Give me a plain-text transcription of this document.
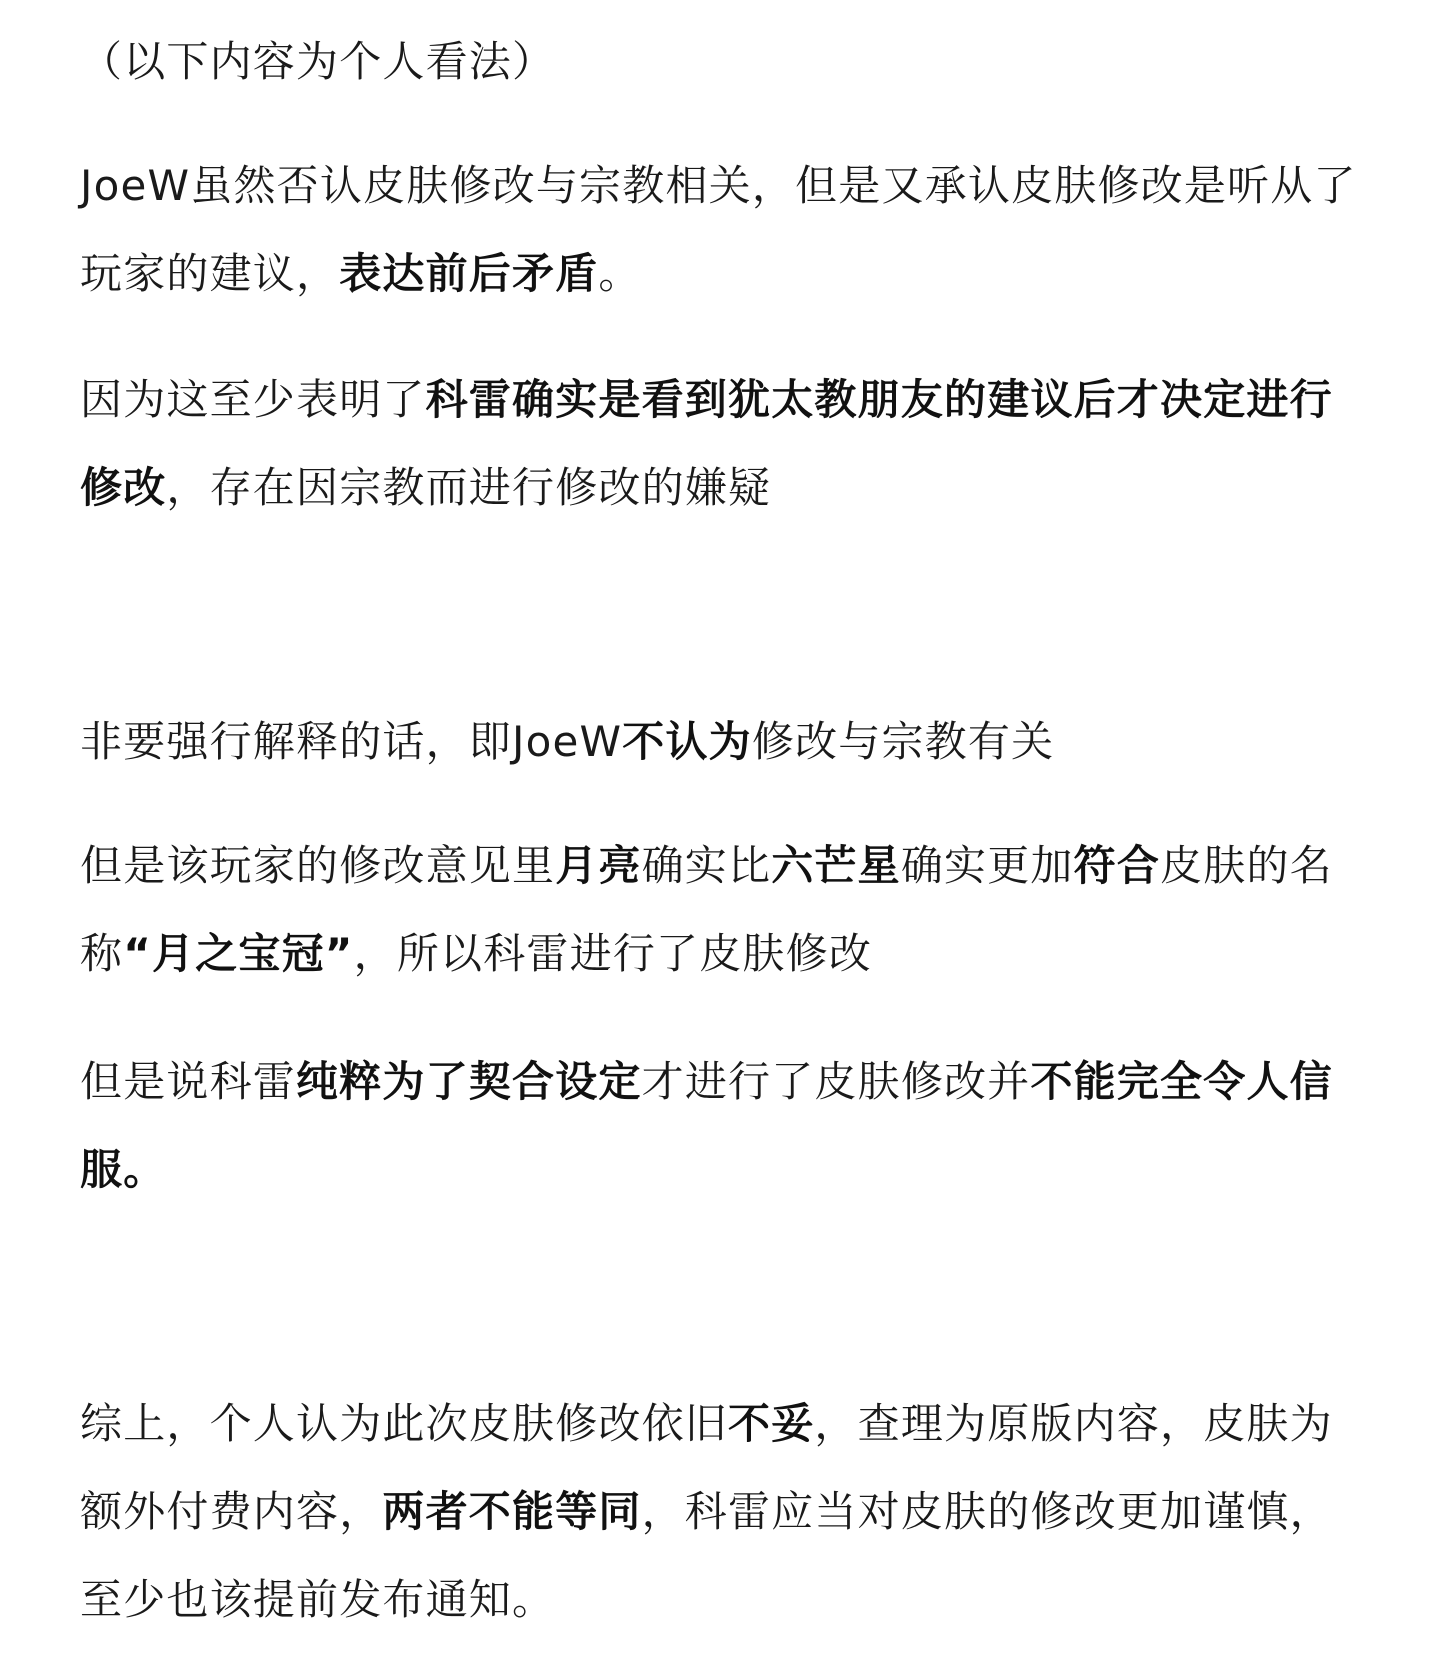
（以下内容为个人看法）

JoeW虽然否认皮肤修改与宗教相关，但是又承认皮肤修改是听从了玩家的建议，表达前后矛盾。

因为这至少表明了科雷确实是看到犹太教朋友的建议后才决定进行修改，存在因宗教而进行修改的嫌疑

非要强行解释的话，即JoeW不认为修改与宗教有关

但是该玩家的修改意见里月亮确实比六芒星确实更加符合皮肤的名称“月之宝冠”，所以科雷进行了皮肤修改

但是说科雷纯粹为了契合设定才进行了皮肤修改并不能完全令人信服。

综上，个人认为此次皮肤修改依旧不妥，查理为原版内容，皮肤为额外付费内容，两者不能等同，科雷应当对皮肤的修改更加谨慎，至少也该提前发布通知。
